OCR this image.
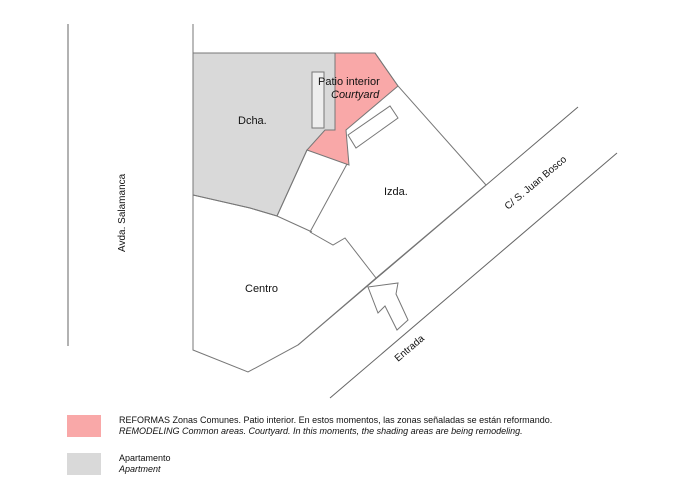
Dcha.
Patio interior
Courtyard
Izda.
Centro
Avda. Salamanca	C/ S. Juan Bosco
Entrada
REFORMAS Zonas Comunes. Patio interior. En estos momentos, las zonas señaladas se están reformando.
REMODELING Common areas. Courtyard. In this moments, the shading areas are being remodeling.
Apartamento
Apartment
